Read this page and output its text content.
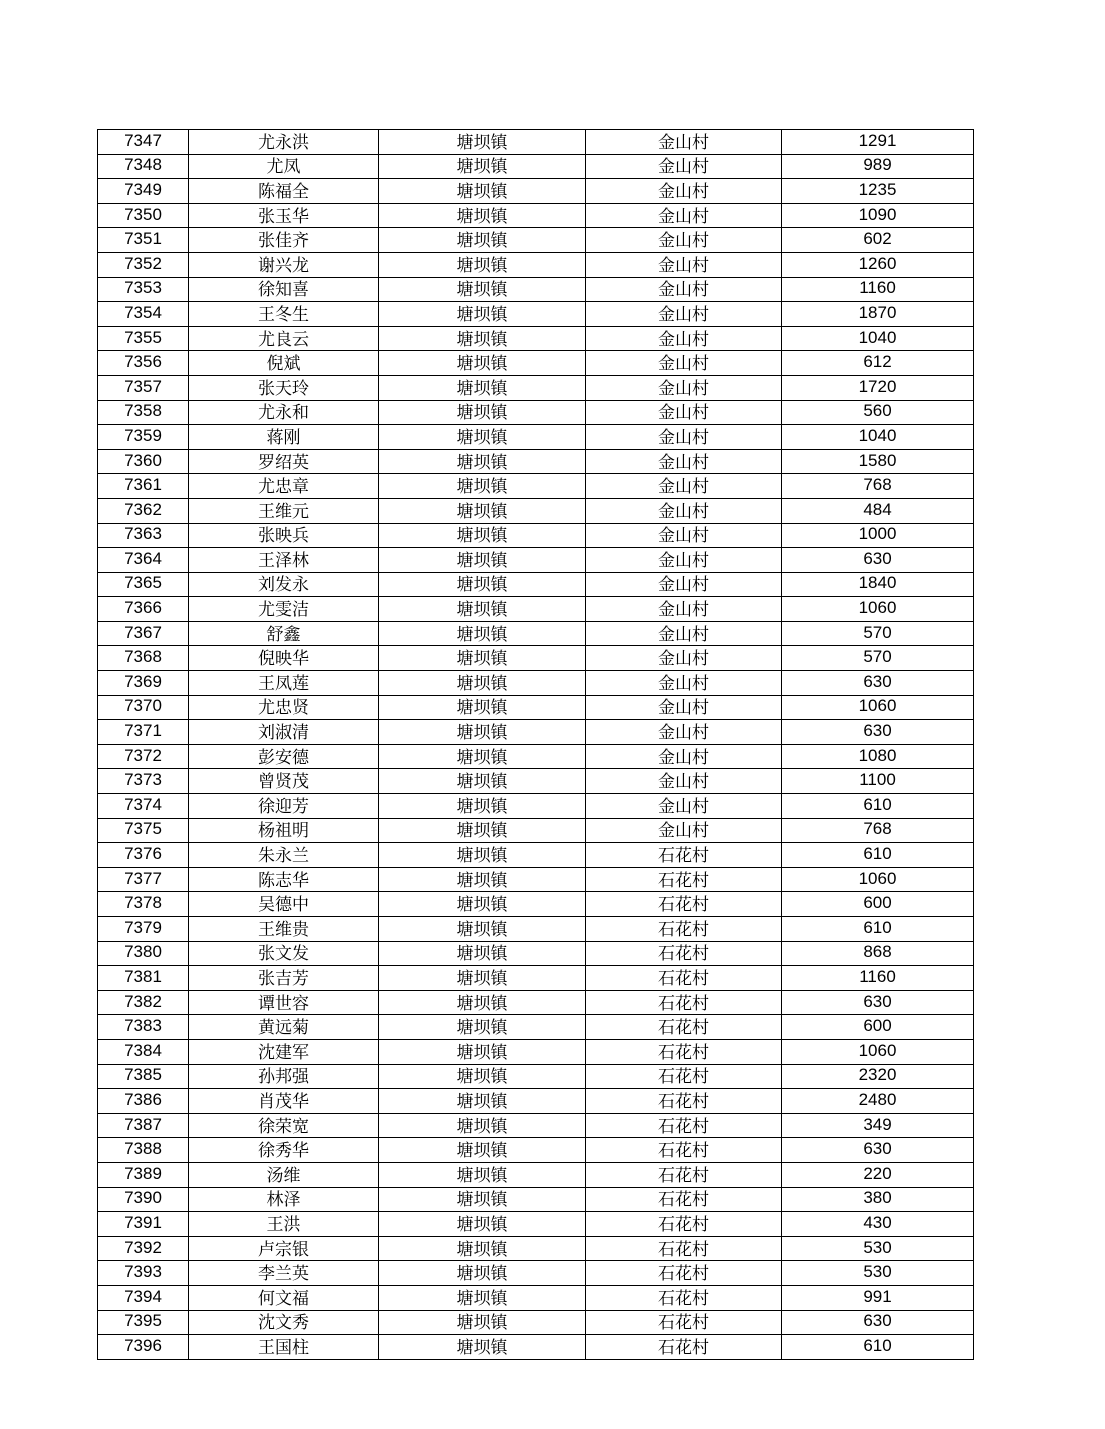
7347	尤永洪	塘坝镇	金山村	1291
7348	尤凤	塘坝镇	金山村	989
7349	陈福全	塘坝镇	金山村	1235
7350	张玉华	塘坝镇	金山村	1090
7351	张佳齐	塘坝镇	金山村	602
7352	谢兴龙	塘坝镇	金山村	1260
7353	徐知喜	塘坝镇	金山村	1160
7354	王冬生	塘坝镇	金山村	1870
7355	尤良云	塘坝镇	金山村	1040
7356	倪斌	塘坝镇	金山村	612
7357	张天玲	塘坝镇	金山村	1720
7358	尤永和	塘坝镇	金山村	560
7359	蒋刚	塘坝镇	金山村	1040
7360	罗绍英	塘坝镇	金山村	1580
7361	尤忠章	塘坝镇	金山村	768
7362	王维元	塘坝镇	金山村	484
7363	张映兵	塘坝镇	金山村	1000
7364	王泽林	塘坝镇	金山村	630
7365	刘发永	塘坝镇	金山村	1840
7366	尤雯洁	塘坝镇	金山村	1060
7367	舒鑫	塘坝镇	金山村	570
7368	倪映华	塘坝镇	金山村	570
7369	王凤莲	塘坝镇	金山村	630
7370	尤忠贤	塘坝镇	金山村	1060
7371	刘淑清	塘坝镇	金山村	630
7372	彭安德	塘坝镇	金山村	1080
7373	曾贤茂	塘坝镇	金山村	1100
7374	徐迎芳	塘坝镇	金山村	610
7375	杨祖明	塘坝镇	金山村	768
7376	朱永兰	塘坝镇	石花村	610
7377	陈志华	塘坝镇	石花村	1060
7378	吴德中	塘坝镇	石花村	600
7379	王维贵	塘坝镇	石花村	610
7380	张文发	塘坝镇	石花村	868
7381	张吉芳	塘坝镇	石花村	1160
7382	谭世容	塘坝镇	石花村	630
7383	黄远菊	塘坝镇	石花村	600
7384	沈建军	塘坝镇	石花村	1060
7385	孙邦强	塘坝镇	石花村	2320
7386	肖茂华	塘坝镇	石花村	2480
7387	徐荣宽	塘坝镇	石花村	349
7388	徐秀华	塘坝镇	石花村	630
7389	汤维	塘坝镇	石花村	220
7390	林泽	塘坝镇	石花村	380
7391	王洪	塘坝镇	石花村	430
7392	卢宗银	塘坝镇	石花村	530
7393	李兰英	塘坝镇	石花村	530
7394	何文福	塘坝镇	石花村	991
7395	沈文秀	塘坝镇	石花村	630
7396	王国柱	塘坝镇	石花村	610
